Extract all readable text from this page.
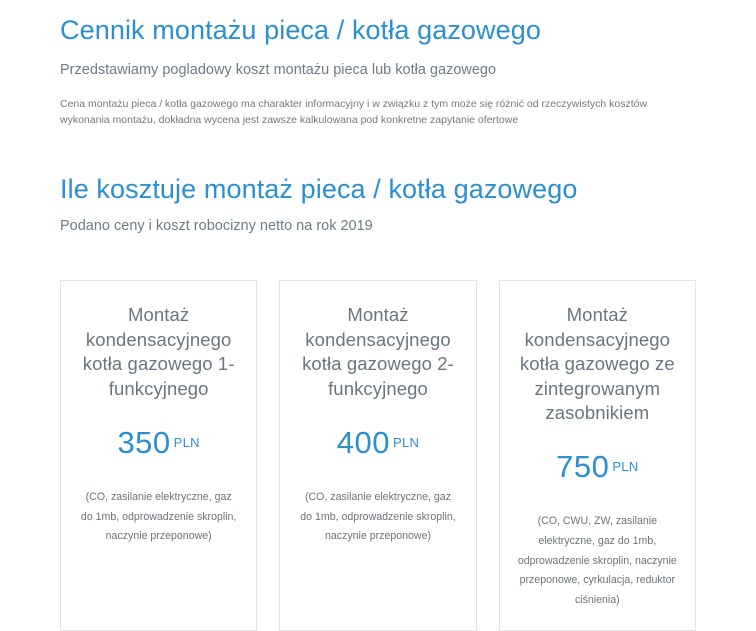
Cennik montażu pieca / kotła gazowego

Przedstawiamy pogladowy koszt montażu pieca lub kotła gazowego

Cena montażu pieca / kotła gazowego ma charakter informacyjny i w związku z tym może się różnić od rzeczywistych kosztów wykonania montażu, dokładna wycena jest zawsze kalkulowana pod konkretne zapytanie ofertowe

Ile kosztuje montaż pieca / kotła gazowego

Podano ceny i koszt robocizny netto na rok 2019

Montaż kondensacyjnego kotła gazowego 1-funkcyjnego
350 $^{PLN}$
(CO, zasilanie elektryczne, gaz do 1mb, odprowadzenie skroplin, naczynie przeponowe)
Montaż kondensacyjnego kotła gazowego 2-funkcyjnego
400 $^{PLN}$
(CO, zasilanie elektryczne, gaz do 1mb, odprowadzenie skroplin, naczynie przeponowe)
Montaż kondensacyjnego kotła gazowego ze zintegrowanym zasobnikiem
750 $^{PLN}$
(CO, CWU, ZW, zasilanie elektryczne, gaz do 1mb, odprowadzenie skroplin, naczynie przeponowe, cyrkulacja, reduktor ciśnienia)
